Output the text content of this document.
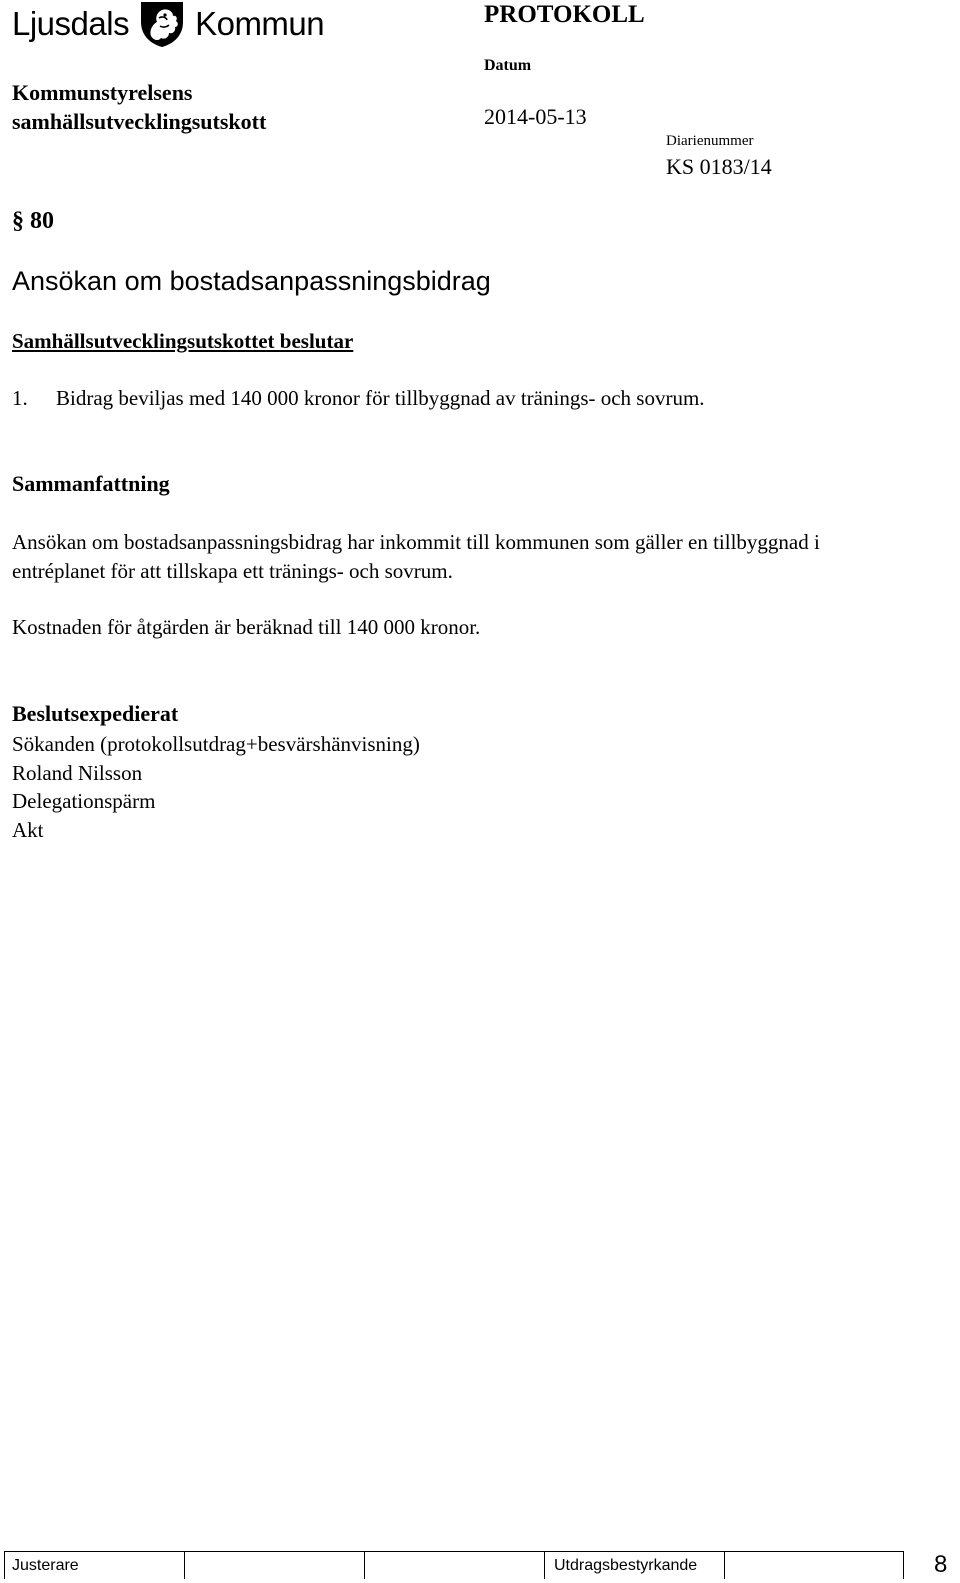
Ljusdals Kommun	PROTOKOLL
Kommunstyrelsens
samhällsutvecklingsutskott
Datum
2014-05-13
Diarienummer
KS 0183/14
§ 80
Ansökan om bostadsanpassningsbidrag
Samhällsutvecklingsutskottet beslutar
1. Bidrag beviljas med 140 000 kronor för tillbyggnad av tränings- och sovrum.
Sammanfattning
Ansökan om bostadsanpassningsbidrag har inkommit till kommunen som gäller en tillbyggnad i entréplanet för att tillskapa ett tränings- och sovrum.
Kostnaden för åtgärden är beräknad till 140 000 kronor.
Beslutsexpedierat
Sökanden (protokollsutdrag+besvärshänvisning)
Roland Nilsson
Delegationspärm
Akt
Justerare	Utdragsbestyrkande	8
